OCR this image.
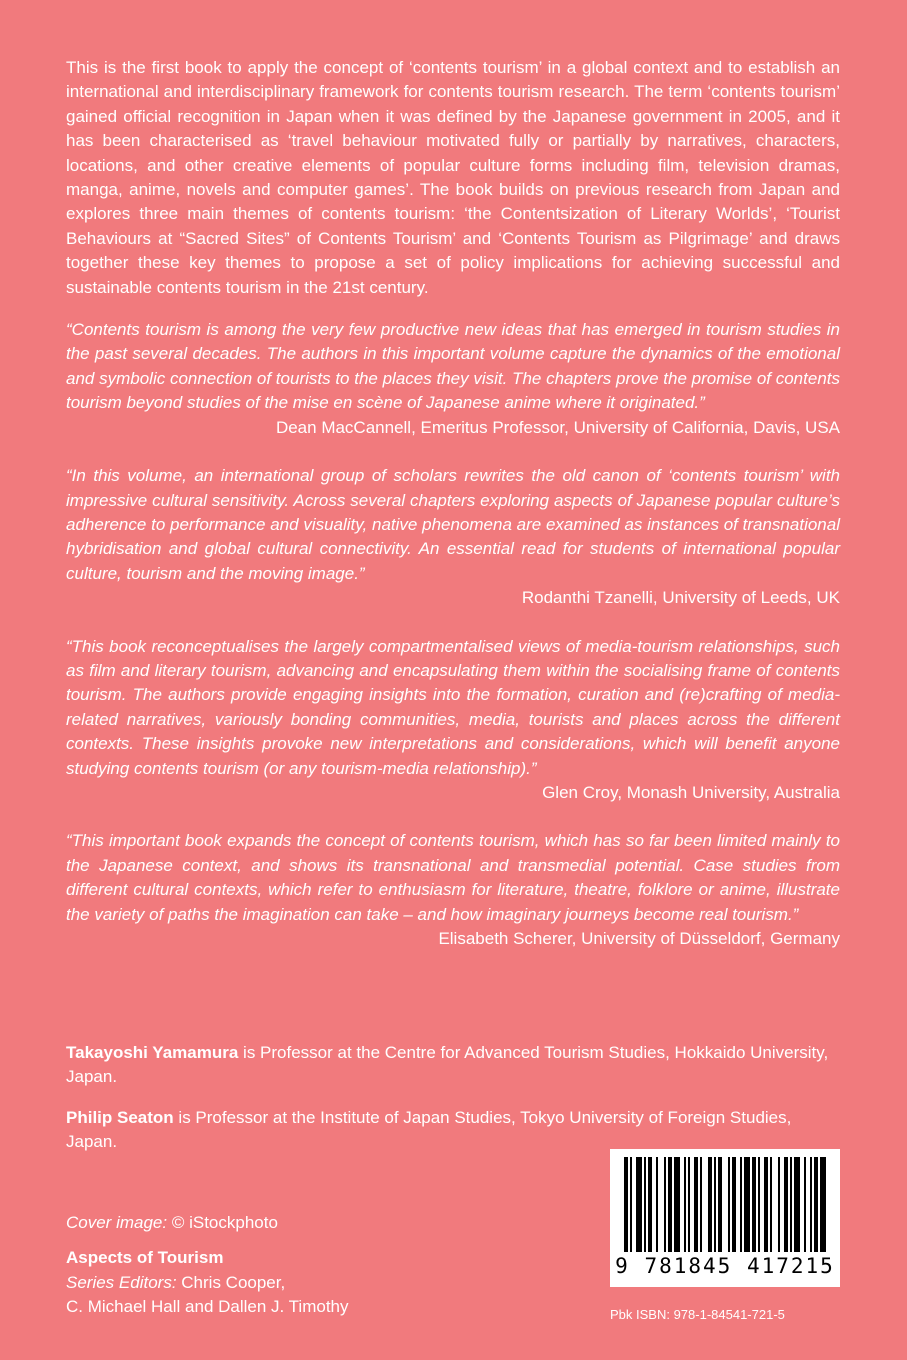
This is the first book to apply the concept of ‘contents tourism’ in a global context and to establish an international and interdisciplinary framework for contents tourism research. The term ‘contents tourism’ gained official recognition in Japan when it was defined by the Japanese government in 2005, and it has been characterised as ‘travel behaviour motivated fully or partially by narratives, characters, locations, and other creative elements of popular culture forms including film, television dramas, manga, anime, novels and computer games’. The book builds on previous research from Japan and explores three main themes of contents tourism: ‘the Contentsization of Literary Worlds’, ‘Tourist Behaviours at “Sacred Sites” of Contents Tourism’ and ‘Contents Tourism as Pilgrimage’ and draws together these key themes to propose a set of policy implications for achieving successful and sustainable contents tourism in the 21st century.

“Contents tourism is among the very few productive new ideas that has emerged in tourism studies in the past several decades. The authors in this important volume capture the dynamics of the emotional and symbolic connection of tourists to the places they visit. The chapters prove the promise of contents tourism beyond studies of the mise en scène of Japanese anime where it originated.”

Dean MacCannell, Emeritus Professor, University of California, Davis, USA

“In this volume, an international group of scholars rewrites the old canon of ‘contents tourism’ with impressive cultural sensitivity. Across several chapters exploring aspects of Japanese popular culture’s adherence to performance and visuality, native phenomena are examined as instances of transnational hybridisation and global cultural connectivity. An essential read for students of international popular culture, tourism and the moving image.”

Rodanthi Tzanelli, University of Leeds, UK

“This book reconceptualises the largely compartmentalised views of media-tourism relationships, such as film and literary tourism, advancing and encapsulating them within the socialising frame of contents tourism. The authors provide engaging insights into the formation, curation and (re)crafting of media-related narratives, variously bonding communities, media, tourists and places across the different contexts. These insights provoke new interpretations and considerations, which will benefit anyone studying contents tourism (or any tourism-media relationship).”

Glen Croy, Monash University, Australia

“This important book expands the concept of contents tourism, which has so far been limited mainly to the Japanese context, and shows its transnational and transmedial potential. Case studies from different cultural contexts, which refer to enthusiasm for literature, theatre, folklore or anime, illustrate the variety of paths the imagination can take – and how imaginary journeys become real tourism.”

Elisabeth Scherer, University of Düsseldorf, Germany

Takayoshi Yamamura is Professor at the Centre for Advanced Tourism Studies, Hokkaido University, Japan.

Philip Seaton is Professor at the Institute of Japan Studies, Tokyo University of Foreign Studies, Japan.

Cover image: © iStockphoto
Aspects of Tourism
Series Editors: Chris Cooper,
C. Michael Hall and Dallen J. Timothy
9 781845 417215
Pbk ISBN: 978-1-84541-721-5
